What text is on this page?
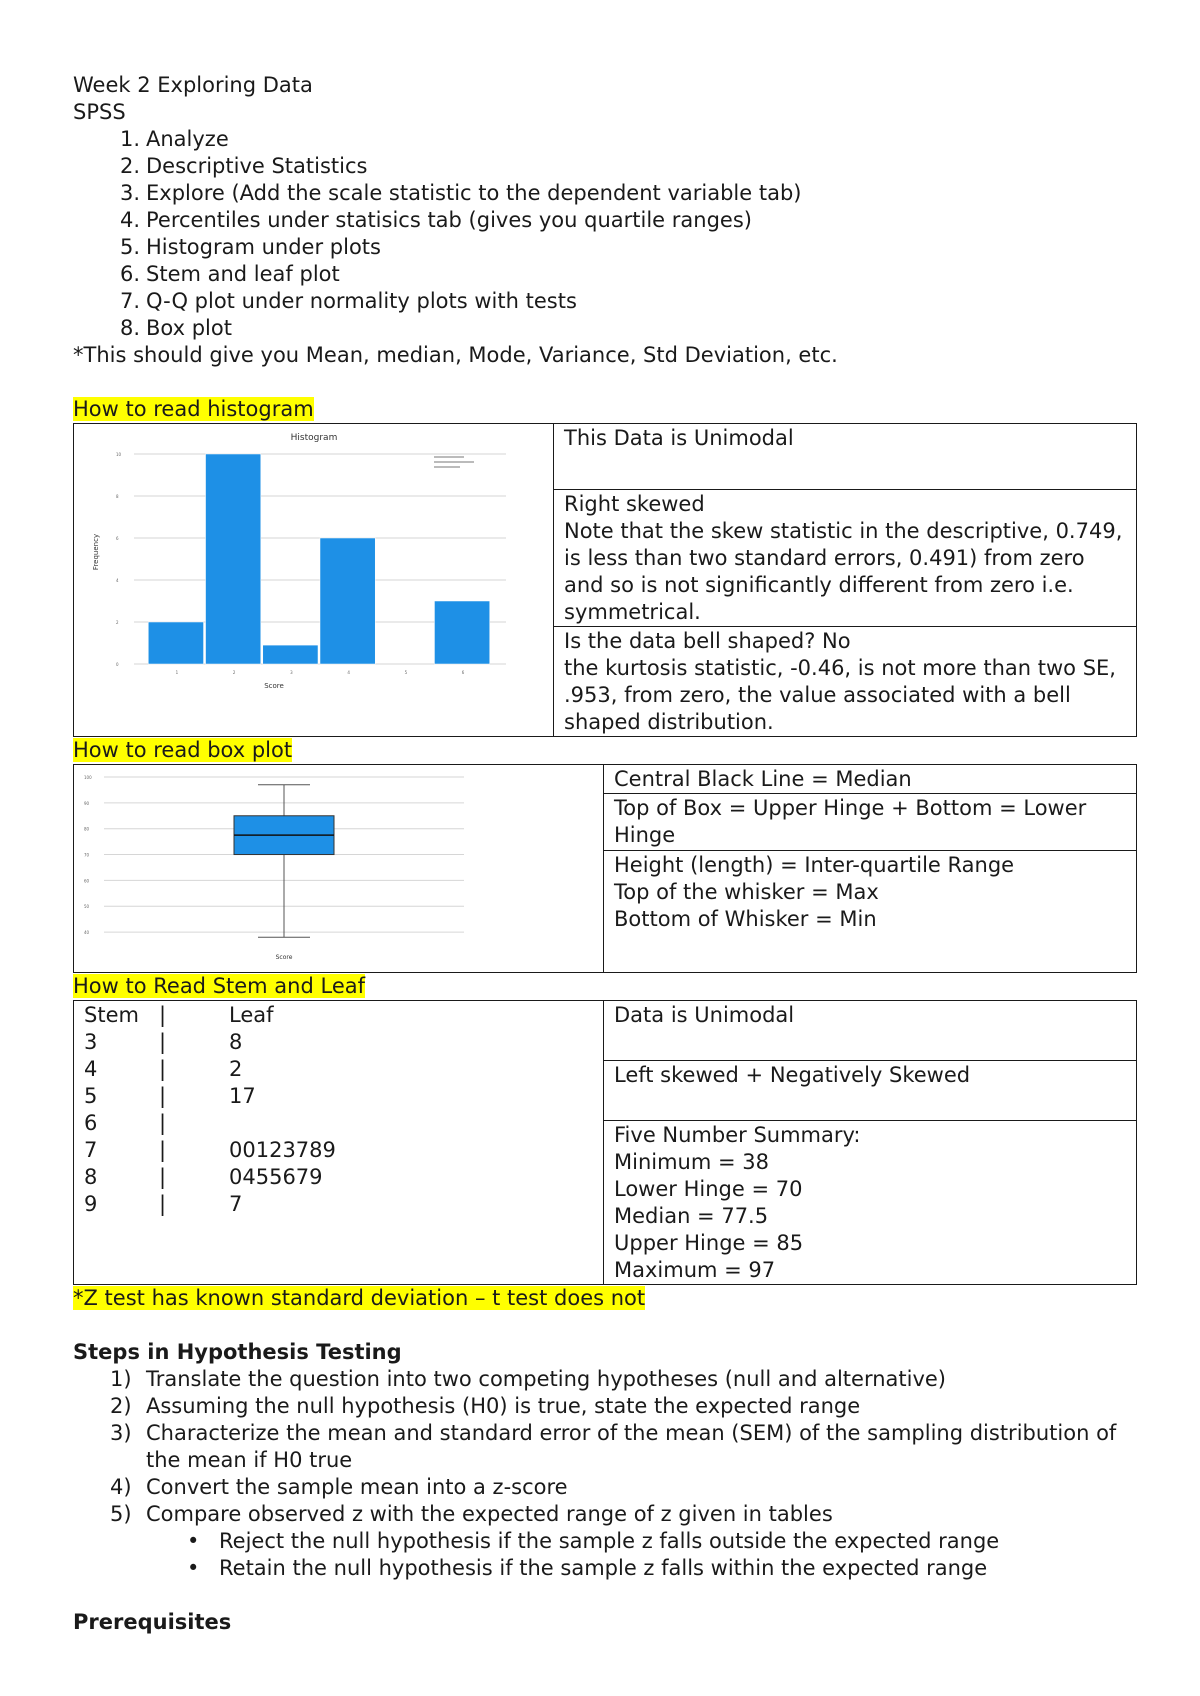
Week 2 Exploring Data

SPSS

1. Analyze
2. Descriptive Statistics
3. Explore (Add the scale statistic to the dependent variable tab)
4. Percentiles under statisics tab (gives you quartile ranges)
5. Histogram under plots
6. Stem and leaf plot
7. Q-Q plot under normality plots with tests
8. Box plot

*This should give you Mean, median, Mode, Variance, Std Deviation, etc.

How to read histogram

Histogram
Frequency
Score
0
2
4
6
8
10
1	2	3	4	5	6
	This Data is Unimodal

Right skewed
Note that the skew statistic in the descriptive, 0.749, is less than two standard errors, 0.491) from zero and so is not significantly different from zero i.e. symmetrical.

Is the data bell shaped? No
the kurtosis statistic, -0.46, is not more than two SE, .953, from zero, the value associated with a bell shaped distribution.

How to read box plot

40
50
60
70
80
90
100
Score
	Central Black Line = Median
Top of Box = Upper Hinge + Bottom = Lower Hinge

Height (length) = Inter-quartile Range
Top of the whisker = Max
Bottom of Whisker = Min

How to Read Stem and Leaf

Stem |	Leaf
3	|	8
4	|	2
5	|	17
6	|
7	|	00123789
8	|	0455679
9	|	7
	Data is Unimodal
Left skewed + Negatively Skewed

Five Number Summary:
Minimum = 38
Lower Hinge = 70
Median = 77.5
Upper Hinge = 85
Maximum = 97

*Z test has known standard deviation – t test does not

Steps in Hypothesis Testing
1) Translate the question into two competing hypotheses (null and alternative)
2) Assuming the null hypothesis (H0) is true, state the expected range
3) Characterize the mean and standard error of the mean (SEM) of the sampling distribution of the mean if H0 true
4) Convert the sample mean into a z-score
5) Compare observed z with the expected range of z given in tables
• Reject the null hypothesis if the sample z falls outside the expected range
• Retain the null hypothesis if the sample z falls within the expected range
Prerequisites
